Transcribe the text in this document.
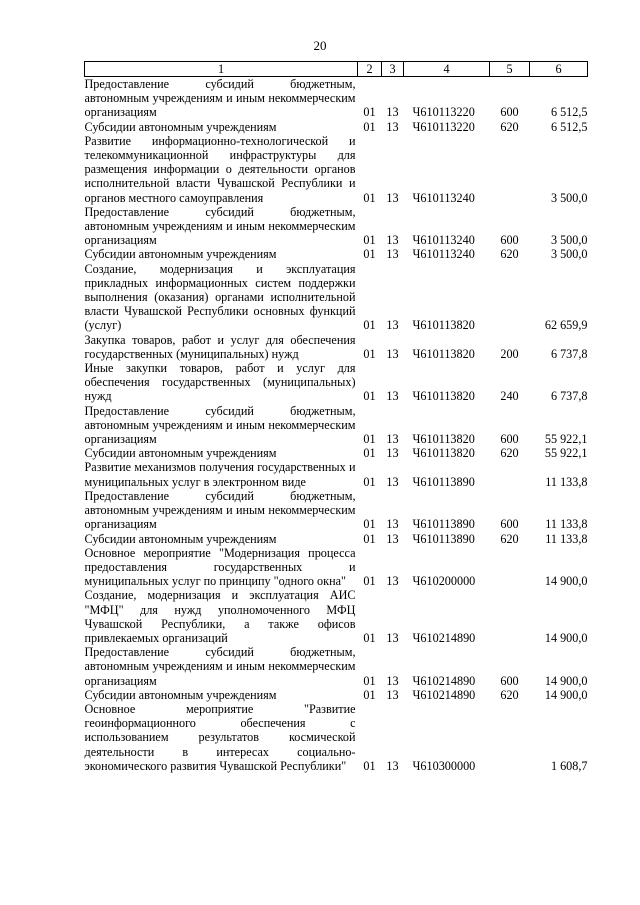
20
1	2	3	4	5	6
Предоставление субсидий бюджетным, автономным учреждениям и иным некоммерческим организациям	01	13	Ч610113220	600	6 512,5
Субсидии автономным учреждениям	01	13	Ч610113220	620	6 512,5
Развитие информационно-технологической и телекоммуникационной инфраструктуры для размещения информации о деятельности органов исполнительной власти Чувашской Республики и органов местного самоуправления	01	13	Ч610113240		3 500,0
Предоставление субсидий бюджетным, автономным учреждениям и иным некоммерческим организациям	01	13	Ч610113240	600	3 500,0
Субсидии автономным учреждениям	01	13	Ч610113240	620	3 500,0
Создание, модернизация и эксплуатация прикладных информационных систем поддержки выполнения (оказания) органами исполнительной власти Чувашской Республики основных функций (услуг)	01	13	Ч610113820		62 659,9
Закупка товаров, работ и услуг для обеспечения государственных (муниципальных) нужд	01	13	Ч610113820	200	6 737,8
Иные закупки товаров, работ и услуг для обеспечения государственных (муниципальных) нужд	01	13	Ч610113820	240	6 737,8
Предоставление субсидий бюджетным, автономным учреждениям и иным некоммерческим организациям	01	13	Ч610113820	600	55 922,1
Субсидии автономным учреждениям	01	13	Ч610113820	620	55 922,1
Развитие механизмов получения государственных и муниципальных услуг в электронном виде	01	13	Ч610113890		11 133,8
Предоставление субсидий бюджетным, автономным учреждениям и иным некоммерческим организациям	01	13	Ч610113890	600	11 133,8
Субсидии автономным учреждениям	01	13	Ч610113890	620	11 133,8
Основное мероприятие "Модернизация процесса предоставления государственных и муниципальных услуг по принципу "одного окна"	01	13	Ч610200000		14 900,0
Создание, модернизация и эксплуатация АИС "МФЦ" для нужд уполномоченного МФЦ Чувашской Республики, а также офисов привлекаемых организаций	01	13	Ч610214890		14 900,0
Предоставление субсидий бюджетным, автономным учреждениям и иным некоммерческим организациям	01	13	Ч610214890	600	14 900,0
Субсидии автономным учреждениям	01	13	Ч610214890	620	14 900,0
Основное мероприятие "Развитие геоинформационного обеспечения с использованием результатов космической деятельности в интересах социально-экономического развития Чувашской Республики"	01	13	Ч610300000		1 608,7
